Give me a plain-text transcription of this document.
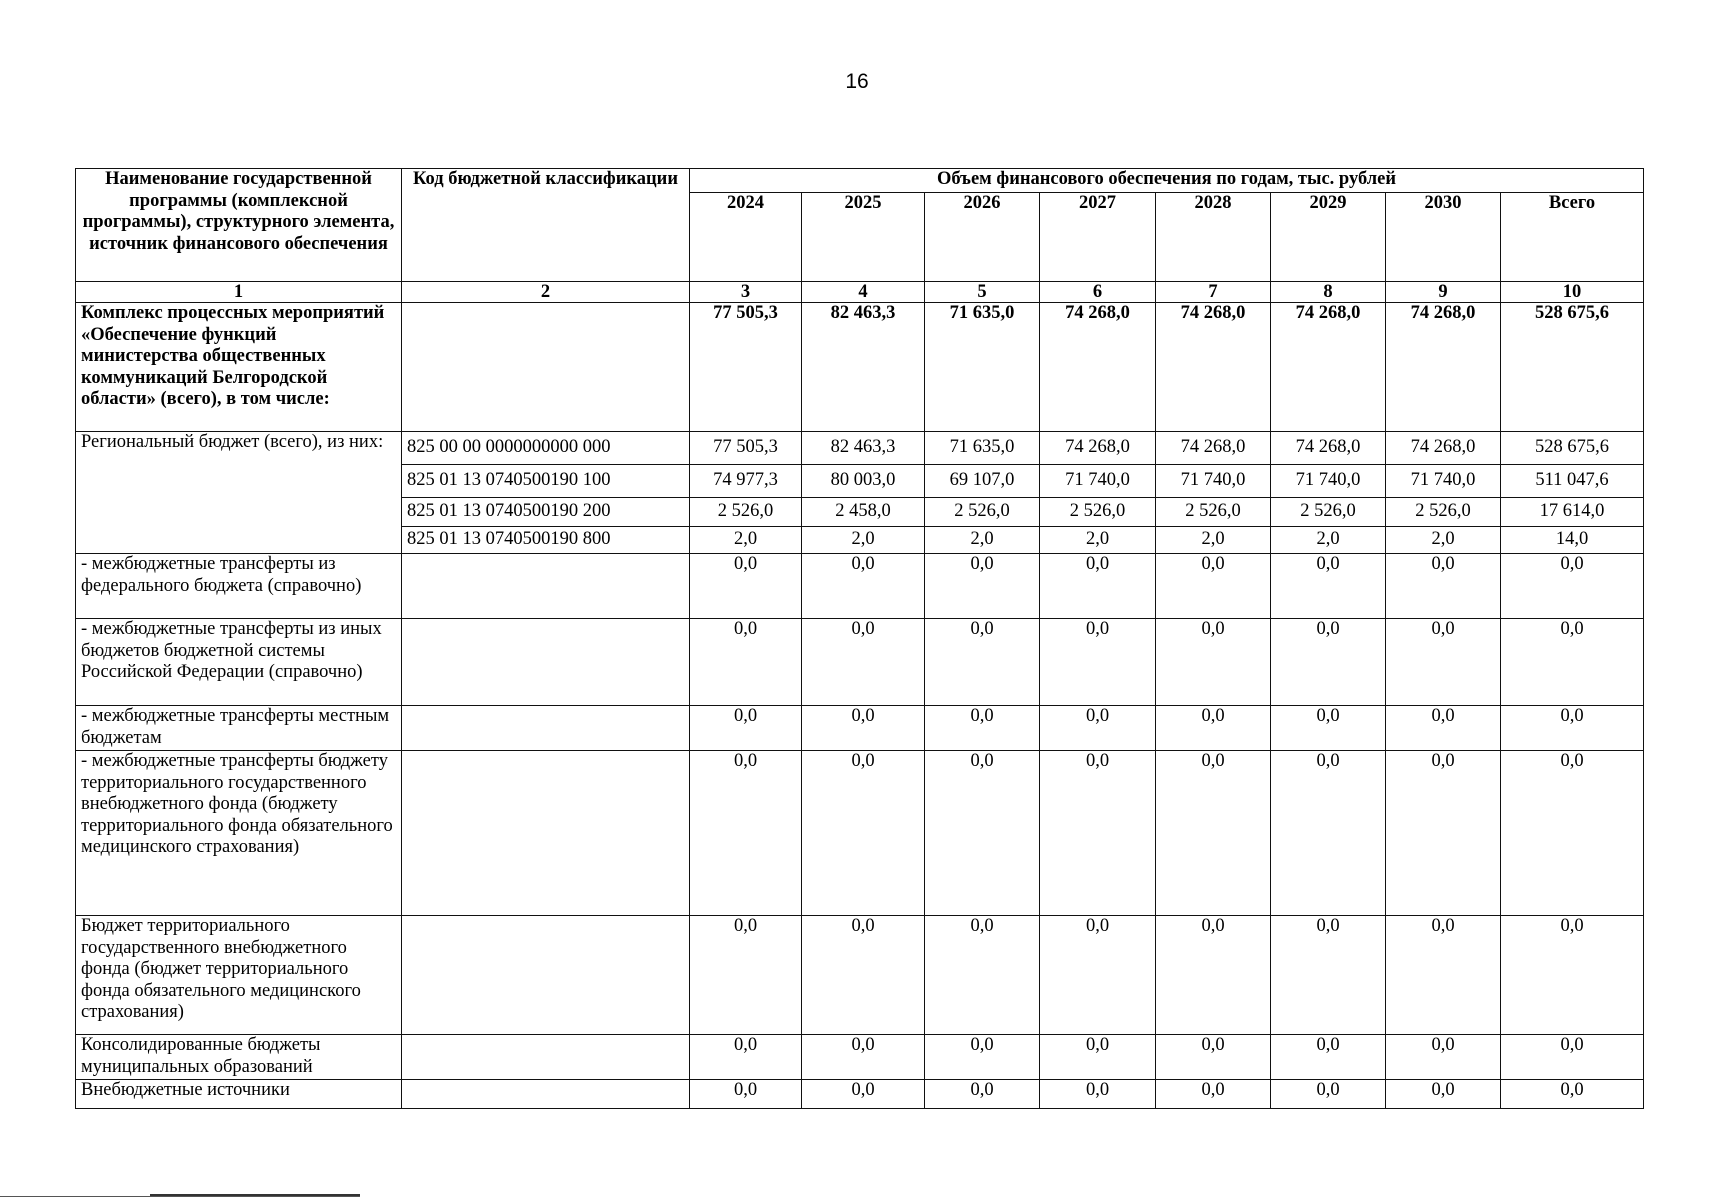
16
Наименование государственной программы (комплексной программы), структурного элемента, источник финансового обеспечения	Код бюджетной классификации	Объем финансового обеспечения по годам, тыс. рублей							
		2024	2025	2026	2027	2028	2029	2030	Всего
1	2	3	4	5	6	7	8	9	10
Комплекс процессных мероприятий «Обеспечение функций министерства общественных коммуникаций Белгородской области» (всего), в том числе:		77 505,3	82 463,3	71 635,0	74 268,0	74 268,0	74 268,0	74 268,0	528 675,6
Региональный бюджет (всего), из них:	825 00 00 0000000000 000	77 505,3	82 463,3	71 635,0	74 268,0	74 268,0	74 268,0	74 268,0	528 675,6
	825 01 13 0740500190 100	74 977,3	80 003,0	69 107,0	71 740,0	71 740,0	71 740,0	71 740,0	511 047,6
	825 01 13 0740500190 200	2 526,0	2 458,0	2 526,0	2 526,0	2 526,0	2 526,0	2 526,0	17 614,0
	825 01 13 0740500190 800	2,0	2,0	2,0	2,0	2,0	2,0	2,0	14,0
- межбюджетные трансферты из федерального бюджета (справочно)		0,0	0,0	0,0	0,0	0,0	0,0	0,0	0,0
- межбюджетные трансферты из иных бюджетов бюджетной системы Российской Федерации (справочно)		0,0	0,0	0,0	0,0	0,0	0,0	0,0	0,0
- межбюджетные трансферты местным бюджетам		0,0	0,0	0,0	0,0	0,0	0,0	0,0	0,0
- межбюджетные трансферты бюджету территориального государственного внебюджетного фонда (бюджету территориального фонда обязательного медицинского страхования)		0,0	0,0	0,0	0,0	0,0	0,0	0,0	0,0
Бюджет территориального государственного внебюджетного фонда (бюджет территориального фонда обязательного медицинского страхования)		0,0	0,0	0,0	0,0	0,0	0,0	0,0	0,0
Консолидированные бюджеты муниципальных образований		0,0	0,0	0,0	0,0	0,0	0,0	0,0	0,0
Внебюджетные источники		0,0	0,0	0,0	0,0	0,0	0,0	0,0	0,0
